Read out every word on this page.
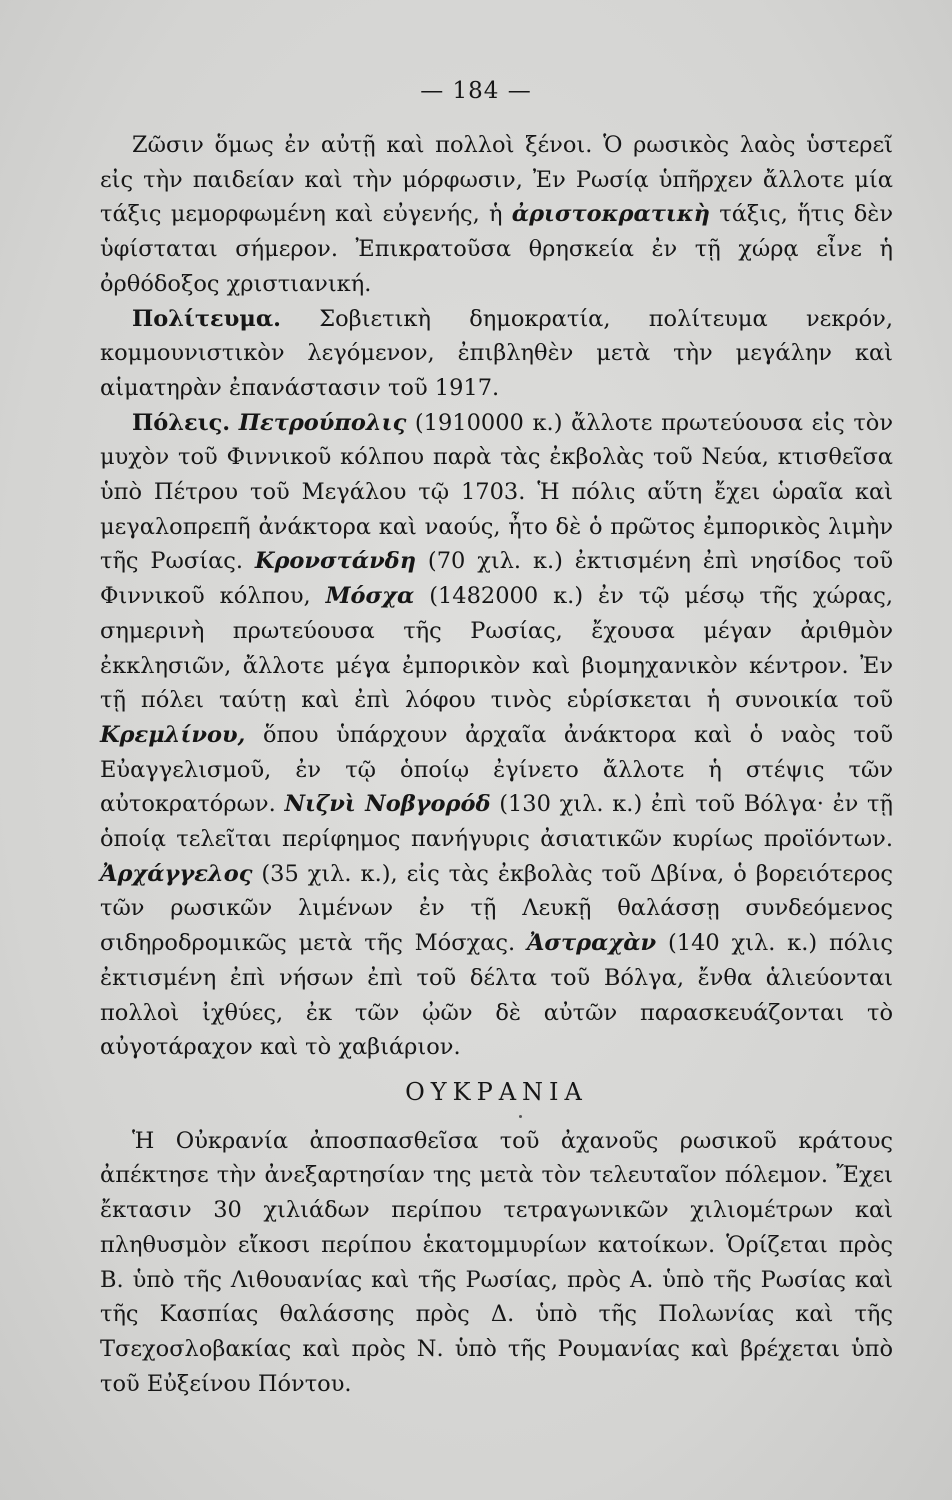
— 184 —

Ζῶσιν ὅμως ἐν αὐτῇ καὶ πολλοὶ ξένοι. Ὁ ρωσικὸς λαὸς ὑστερεῖ εἰς τὴν παιδείαν καὶ τὴν μόρφωσιν, Ἐν Ρωσίᾳ ὑπῆρχεν ἄλλοτε μία τάξις μεμορφωμένη καὶ εὐγενής, ἡ ἀριστοκρατικὴ τάξις, ἥτις δὲν ὑφίσταται σήμερον. Ἐπικρατοῦσα θρησκεία ἐν τῇ χώρᾳ εἶνε ἡ ὀρθόδοξος χριστιανική.

Πολίτευμα. Σοβιετικὴ δημοκρατία, πολίτευμα νεκρόν, κομμουνιστικὸν λεγόμενον, ἐπιβληθὲν μετὰ τὴν μεγάλην καὶ αἱματηρὰν ἐπανάστασιν τοῦ 1917.

Πόλεις. Πετρούπολις (1910000 κ.) ἄλλοτε πρωτεύουσα εἰς τὸν μυχὸν τοῦ Φιννικοῦ κόλπου παρὰ τὰς ἐκβολὰς τοῦ Νεύα, κτισθεῖσα ὑπὸ Πέτρου τοῦ Μεγάλου τῷ 1703. Ἡ πόλις αὕτη ἔχει ὡραῖα καὶ μεγαλοπρεπῆ ἀνάκτορα καὶ ναούς, ἦτο δὲ ὁ πρῶτος ἐμπορικὸς λιμὴν τῆς Ρωσίας. Κρονστάνδη (70 χιλ. κ.) ἐκτισμένη ἐπὶ νησίδος τοῦ Φιννικοῦ κόλπου, Μόσχα (1482000 κ.) ἐν τῷ μέσῳ τῆς χώρας, σημερινὴ πρωτεύουσα τῆς Ρωσίας, ἔχουσα μέγαν ἀριθμὸν ἐκκλησιῶν, ἄλλοτε μέγα ἐμπορικὸν καὶ βιομηχανικὸν κέντρον. Ἐν τῇ πόλει ταύτῃ καὶ ἐπὶ λόφου τινὸς εὑρίσκεται ἡ συνοικία τοῦ Κρεμλίνου, ὅπου ὑπάρχουν ἀρχαῖα ἀνάκτορα καὶ ὁ ναὸς τοῦ Εὐαγγελισμοῦ, ἐν τῷ ὁποίῳ ἐγίνετο ἄλλοτε ἡ στέψις τῶν αὐτοκρατόρων. Νιζνὶ Νοβγορόδ (130 χιλ. κ.) ἐπὶ τοῦ Βόλγα· ἐν τῇ ὁποίᾳ τελεῖται περίφημος πανήγυρις ἀσιατικῶν κυρίως προϊόντων. Ἀρχάγγελος (35 χιλ. κ.), εἰς τὰς ἐκβολὰς τοῦ Δβίνα, ὁ βορειότερος τῶν ρωσικῶν λιμένων ἐν τῇ Λευκῇ θαλάσσῃ συνδεόμενος σιδηροδρομικῶς μετὰ τῆς Μόσχας. Ἀστραχὰν (140 χιλ. κ.) πόλις ἐκτισμένη ἐπὶ νήσων ἐπὶ τοῦ δέλτα τοῦ Βόλγα, ἔνθα ἁλιεύονται πολλοὶ ἰχθύες, ἐκ τῶν ᾠῶν δὲ αὐτῶν παρασκευάζονται τὸ αὐγοτάραχον καὶ τὸ χαβιάριον.

ΟΥΚΡΑΝΙΑ

Ἡ Οὐκρανία ἀποσπασθεῖσα τοῦ ἀχανοῦς ρωσικοῦ κράτους ἀπέκτησε τὴν ἀνεξαρτησίαν της μετὰ τὸν τελευταῖον πόλεμον. Ἔχει ἔκτασιν 30 χιλιάδων περίπου τετραγωνικῶν χιλιομέτρων καὶ πληθυσμὸν εἴκοσι περίπου ἑκατομμυρίων κατοίκων. Ὁρίζεται πρὸς Β. ὑπὸ τῆς Λιθουανίας καὶ τῆς Ρωσίας, πρὸς Α. ὑπὸ τῆς Ρωσίας καὶ τῆς Κασπίας θαλάσσης πρὸς Δ. ὑπὸ τῆς Πολωνίας καὶ τῆς Τσεχοσλοβακίας καὶ πρὸς Ν. ὑπὸ τῆς Ρουμανίας καὶ βρέχεται ὑπὸ τοῦ Εὐξείνου Πόντου.
